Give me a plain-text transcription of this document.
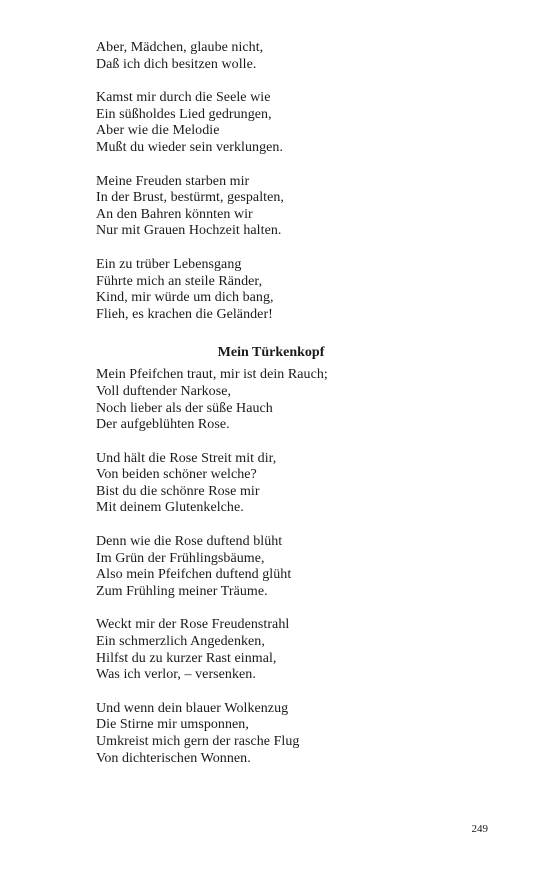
Aber, Mädchen, glaube nicht,
Daß ich dich besitzen wolle.
Kamst mir durch die Seele wie
Ein süßholdes Lied gedrungen,
Aber wie die Melodie
Mußt du wieder sein verklungen.
Meine Freuden starben mir
In der Brust, bestürmt, gespalten,
An den Bahren könnten wir
Nur mit Grauen Hochzeit halten.
Ein zu trüber Lebensgang
Führte mich an steile Ränder,
Kind, mir würde um dich bang,
Flieh, es krachen die Geländer!
Mein Türkenkopf
Mein Pfeifchen traut, mir ist dein Rauch;
Voll duftender Narkose,
Noch lieber als der süße Hauch
Der aufgeblühten Rose.
Und hält die Rose Streit mit dir,
Von beiden schöner welche?
Bist du die schönre Rose mir
Mit deinem Glutenkelche.
Denn wie die Rose duftend blüht
Im Grün der Frühlingsbäume,
Also mein Pfeifchen duftend glüht
Zum Frühling meiner Träume.
Weckt mir der Rose Freudenstrahl
Ein schmerzlich Angedenken,
Hilfst du zu kurzer Rast einmal,
Was ich verlor, – versenken.
Und wenn dein blauer Wolkenzug
Die Stirne mir umsponnen,
Umkreist mich gern der rasche Flug
Von dichterischen Wonnen.
249
